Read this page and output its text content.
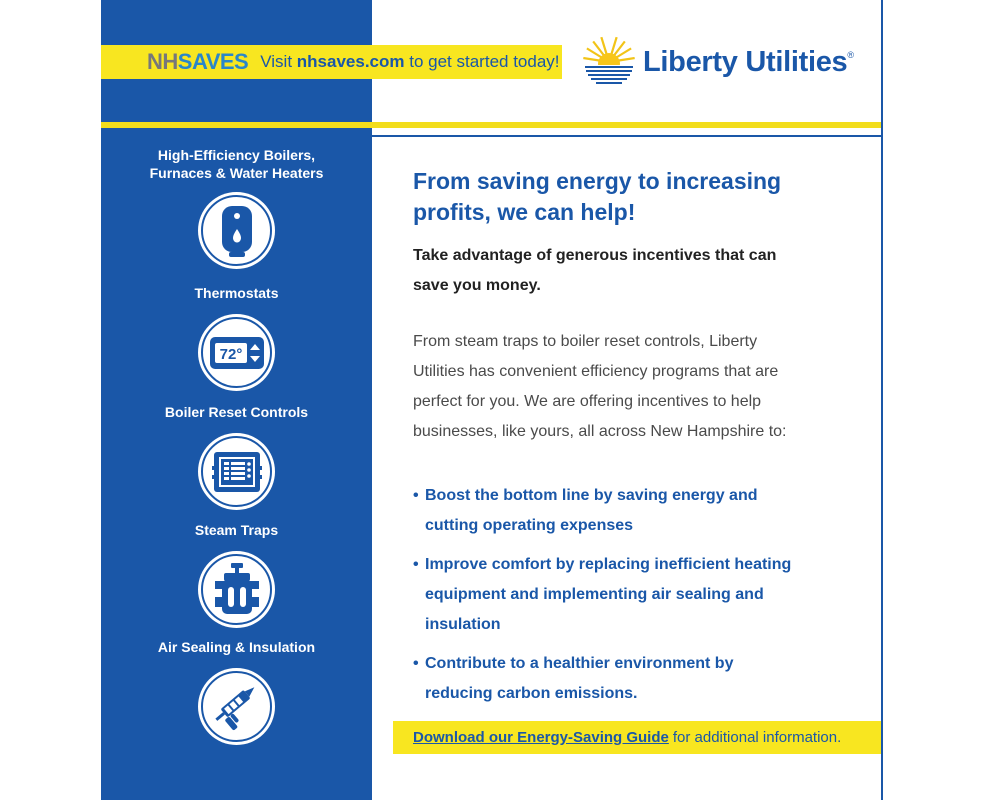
NHSAVES Visit nhsaves.com to get started today!	Liberty Utilities®
High-Efficiency Boilers, Furnaces & Water Heaters
Thermostats
72°
Boiler Reset Controls
Steam Traps
Air Sealing & Insulation
From saving energy to increasing profits, we can help!
Take advantage of generous incentives that can save you money.
From steam traps to boiler reset controls, Liberty Utilities has convenient efficiency programs that are perfect for you. We are offering incentives to help businesses, like yours, all across New Hampshire to:
• Boost the bottom line by saving energy and cutting operating expenses
• Improve comfort by replacing inefficient heating equipment and implementing air sealing and insulation
• Contribute to a healthier environment by reducing carbon emissions.
Download our Energy-Saving Guide for additional information.
